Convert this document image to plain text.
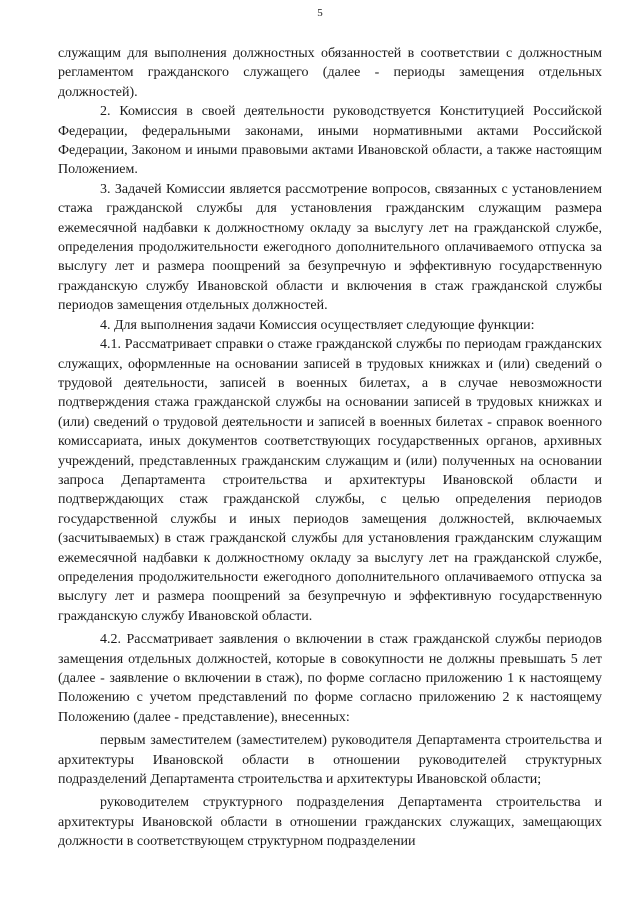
5

служащим для выполнения должностных обязанностей в соответствии с должностным регламентом гражданского служащего (далее - периоды замещения отдельных должностей).

2. Комиссия в своей деятельности руководствуется Конституцией Российской Федерации, федеральными законами, иными нормативными актами Российской Федерации, Законом и иными правовыми актами Ивановской области, а также настоящим Положением.

3. Задачей Комиссии является рассмотрение вопросов, связанных с установлением стажа гражданской службы для установления гражданским служащим размера ежемесячной надбавки к должностному окладу за выслугу лет на гражданской службе, определения продолжительности ежегодного дополнительного оплачиваемого отпуска за выслугу лет и размера поощрений за безупречную и эффективную государственную гражданскую службу Ивановской области и включения в стаж гражданской службы периодов замещения отдельных должностей.

4. Для выполнения задачи Комиссия осуществляет следующие функции:

4.1. Рассматривает справки о стаже гражданской службы по периодам гражданских служащих, оформленные на основании записей в трудовых книжках и (или) сведений о трудовой деятельности, записей в военных билетах, а в случае невозможности подтверждения стажа гражданской службы на основании записей в трудовых книжках и (или) сведений о трудовой деятельности и записей в военных билетах - справок военного комиссариата, иных документов соответствующих государственных органов, архивных учреждений, представленных гражданским служащим и (или) полученных на основании запроса Департамента строительства и архитектуры Ивановской области и подтверждающих стаж гражданской службы, с целью определения периодов государственной службы и иных периодов замещения должностей, включаемых (засчитываемых) в стаж гражданской службы для установления гражданским служащим ежемесячной надбавки к должностному окладу за выслугу лет на гражданской службе, определения продолжительности ежегодного дополнительного оплачиваемого отпуска за выслугу лет и размера поощрений за безупречную и эффективную государственную гражданскую службу Ивановской области.

4.2. Рассматривает заявления о включении в стаж гражданской службы периодов замещения отдельных должностей, которые в совокупности не должны превышать 5 лет (далее - заявление о включении в стаж), по форме согласно приложению 1 к настоящему Положению с учетом представлений по форме согласно приложению 2 к настоящему Положению (далее - представление), внесенных:

первым заместителем (заместителем) руководителя Департамента строительства и архитектуры Ивановской области в отношении руководителей структурных подразделений Департамента строительства и архитектуры Ивановской области;

руководителем структурного подразделения Департамента строительства и архитектуры Ивановской области в отношении гражданских служащих, замещающих должности в соответствующем структурном подразделении
